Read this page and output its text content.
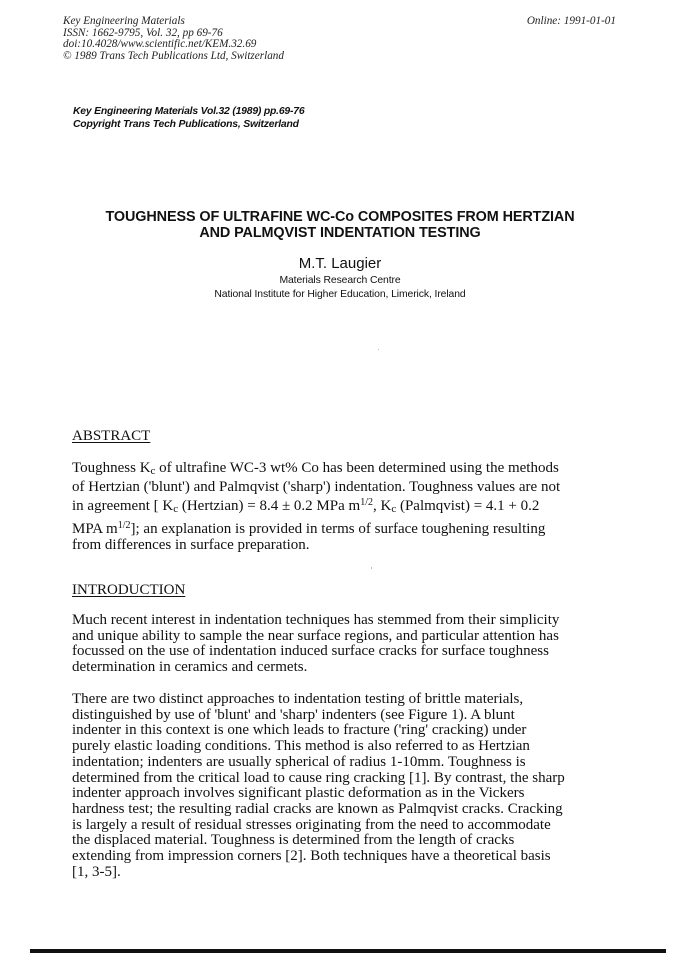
Key Engineering Materials
ISSN: 1662-9795, Vol. 32, pp 69-76
doi:10.4028/www.scientific.net/KEM.32.69
© 1989 Trans Tech Publications Ltd, Switzerland
Online: 1991-01-01
Key Engineering Materials Vol.32 (1989) pp.69-76
Copyright Trans Tech Publications, Switzerland
TOUGHNESS OF ULTRAFINE WC-Co COMPOSITES FROM HERTZIAN
AND PALMQVIST INDENTATION TESTING
M.T. Laugier
Materials Research Centre
National Institute for Higher Education, Limerick, Ireland
ABSTRACT
Toughness Kc of ultrafine WC-3 wt% Co has been determined using the methods
of Hertzian ('blunt') and Palmqvist ('sharp') indentation. Toughness values are not
in agreement [ Kc (Hertzian) = 8.4 ± 0.2 MPa $m^{1/2}$, Kc (Palmqvist) = 4.1 + 0.2
MPA $m^{1/2}$]; an explanation is provided in terms of surface toughening resulting
from differences in surface preparation.
INTRODUCTION
Much recent interest in indentation techniques has stemmed from their simplicity
and unique ability to sample the near surface regions, and particular attention has
focussed on the use of indentation induced surface cracks for surface toughness
determination in ceramics and cermets.
There are two distinct approaches to indentation testing of brittle materials,
distinguished by use of 'blunt' and 'sharp' indenters (see Figure 1). A blunt
indenter in this context is one which leads to fracture ('ring' cracking) under
purely elastic loading conditions. This method is also referred to as Hertzian
indentation; indenters are usually spherical of radius 1-10mm. Toughness is
determined from the critical load to cause ring cracking [1]. By contrast, the sharp
indenter approach involves significant plastic deformation as in the Vickers
hardness test; the resulting radial cracks are known as Palmqvist cracks. Cracking
is largely a result of residual stresses originating from the need to accommodate
the displaced material. Toughness is determined from the length of cracks
extending from impression corners [2]. Both techniques have a theoretical basis
[1, 3-5].
